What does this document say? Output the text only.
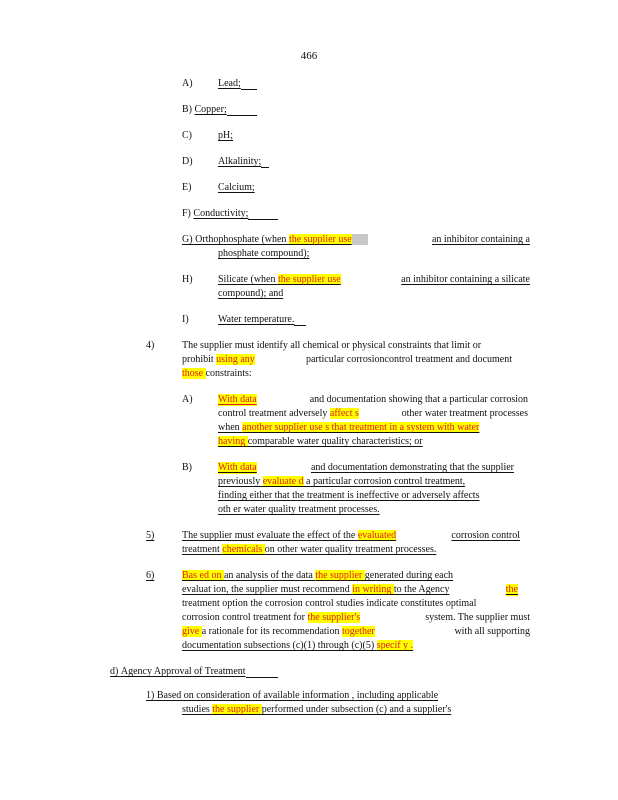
466
A)	Lead;
B) Copper;
C)	pH;
D)	Alkalinity;
E)	Calcium;
F) Conductivity;
G) Orthophosphate (when the supplier use	an inhibitor containing a
phosphate compound);
H)	Silicate (when the supplier use	an inhibitor containing a silicate
compound); and
I)	Water temperature.
4)	The supplier must identify all chemical or physical constraints that limit or
prohibit using any	particular corrosioncontrol treatment and document
those constraints:
A)	With data	and documentation showing that a particular corrosion
control treatment adversely affect s	other water treatment processes
when another supplier use s that treatment in a system with water
having comparable water quality characteristics; or
B)	With data	and documentation demonstrating that the supplier
previously evaluate d a particular corrosion control treatment,
finding either that the treatment is ineffective or adversely affects
oth er water quality treatment processes.
5)	The supplier must evaluate the effect of the evaluated	corrosion control
treatment chemicals on other water quality treatment processes.
6)	Bas ed on an analysis of the data the supplier generated during each
evaluat ion, the supplier must recommend in writing to the Agency	the
treatment option the corrosion control studies indicate constitutes optimal
corrosion control treatment for the supplier's	system. The supplier must
give a rationale for its recommendation together	with all supporting
documentation subsections (c)(1) through (c)(5) specif y .
d) Agency Approval of Treatment
1) Based on consideration of available information , including applicable
studies the supplier performed under subsection (c) and a supplier's
